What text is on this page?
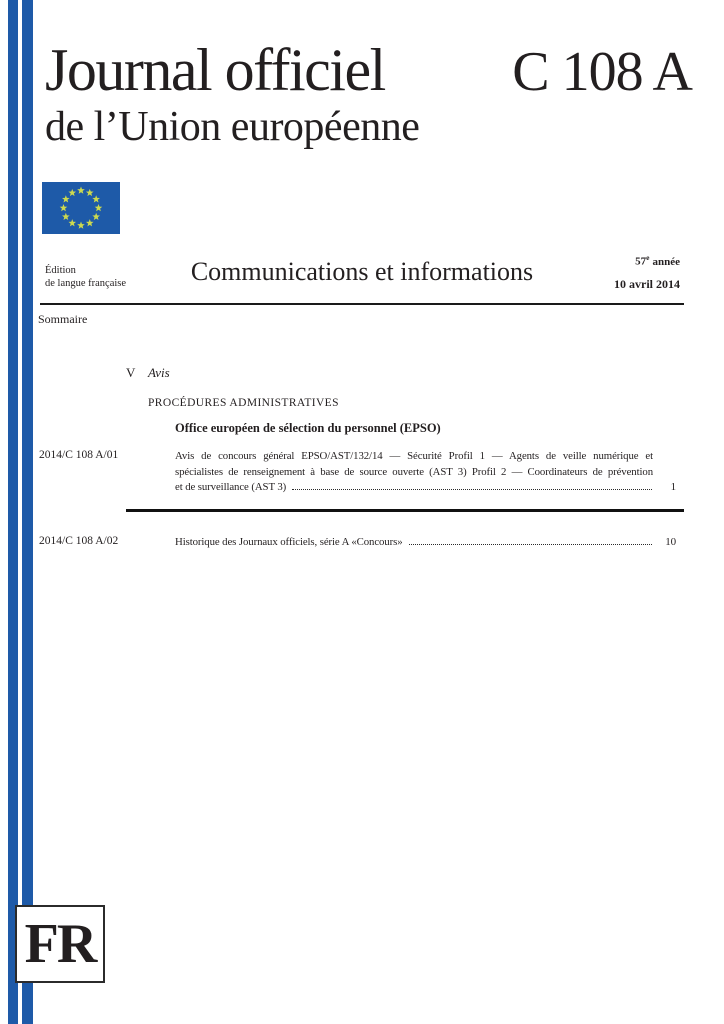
Journal officiel C 108 A
de l’Union européenne
Édition
de langue française	Communications et informations	57e année
10 avril 2014
Sommaire
V Avis
PROCÉDURES ADMINISTRATIVES
Office européen de sélection du personnel (EPSO)
2014/C 108 A/01	Avis de concours général EPSO/AST/132/14 — Sécurité Profil 1 — Agents de veille numérique et
spécialistes de renseignement à base de source ouverte (AST 3) Profil 2 — Coordinateurs de prévention
et de surveillance (AST 3)	1
2014/C 108 A/02	Historique des Journaux officiels, série A «Concours»	10
FR
